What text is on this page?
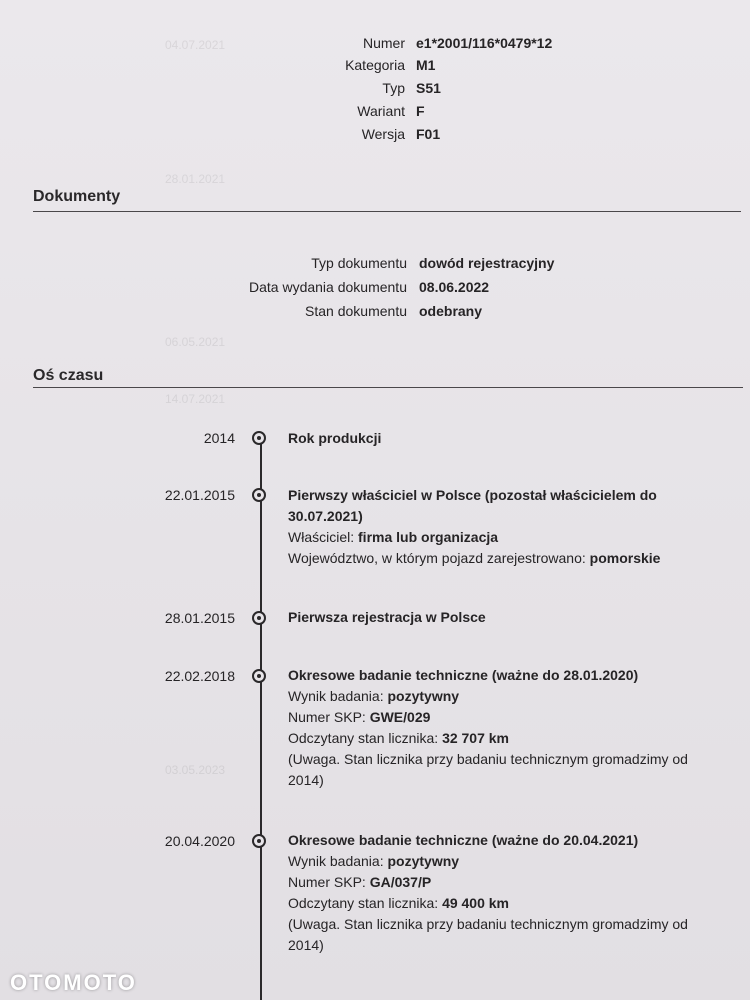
04.07.2021
28.01.2021
06.05.2021
14.07.2021
03.05.2023
Numer e1*2001/116*0479*12
Kategoria M1
Typ S51
Wariant F
Wersja F01
Dokumenty
Typ dokumentu dowód rejestracyjny
Data wydania dokumentu 08.06.2022
Stan dokumentu odebrany
Oś czasu
2014	Rok produkcji
22.01.2015	Pierwszy właściciel w Polsce (pozostał właścicielem do 30.07.2021)
Właściciel: firma lub organizacja
Województwo, w którym pojazd zarejestrowano: pomorskie
28.01.2015	Pierwsza rejestracja w Polsce
22.02.2018	Okresowe badanie techniczne (ważne do 28.01.2020)
Wynik badania: pozytywny
Numer SKP: GWE/029
Odczytany stan licznika: 32 707 km
(Uwaga. Stan licznika przy badaniu technicznym gromadzimy od 2014)
20.04.2020	Okresowe badanie techniczne (ważne do 20.04.2021)
Wynik badania: pozytywny
Numer SKP: GA/037/P
Odczytany stan licznika: 49 400 km
(Uwaga. Stan licznika przy badaniu technicznym gromadzimy od 2014)
OTOMOTO
